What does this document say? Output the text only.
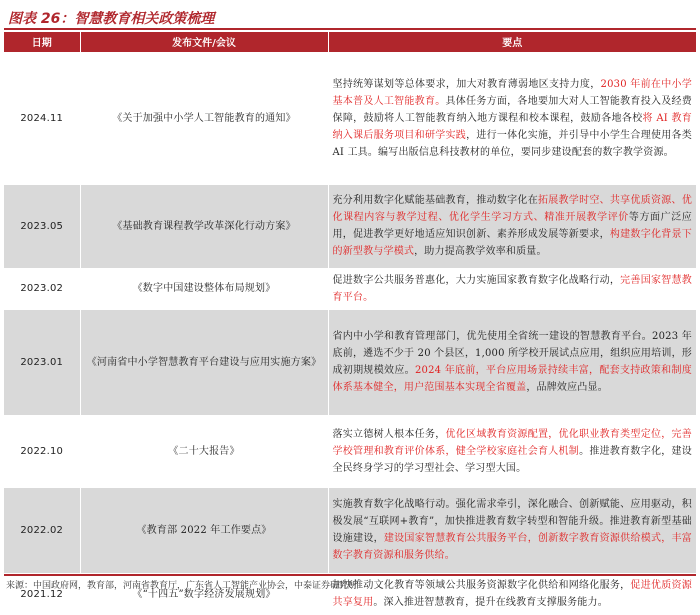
图表 26：智慧教育相关政策梳理
日期	发布文件/会议	要点
2024.11	《关于加强中小学人工智能教育的通知》	坚持统筹谋划等总体要求，加大对教育薄弱地区支持力度，2030 年前在中小学基本普及人工智能教育。具体任务方面，各地要加大对人工智能教育投入及经费保障，鼓励将人工智能教育纳入地方课程和校本课程，鼓励各地各校将 AI 教育纳入课后服务项目和研学实践，进行一体化实施，并引导中小学生合理使用各类 AI 工具。编写出版信息科技教材的单位，要同步建设配套的数字教学资源。
2023.05	《基础教育课程教学改革深化行动方案》	充分利用数字化赋能基础教育，推动数字化在拓展教学时空、共享优质资源、优化课程内容与教学过程、优化学生学习方式、精准开展教学评价等方面广泛应用，促进教学更好地适应知识创新、素养形成发展等新要求，构建数字化背景下的新型教与学模式，助力提高教学效率和质量。
2023.02	《数字中国建设整体布局规划》	促进数字公共服务普惠化，大力实施国家教育数字化战略行动，完善国家智慧教育平台。
2023.01	《河南省中小学智慧教育平台建设与应用实施方案》	省内中小学和教育管理部门，优先使用全省统一建设的智慧教育平台。2023 年底前，遴选不少于 20 个县区，1,000 所学校开展试点应用，组织应用培训，形成初期规模效应。2024 年底前，平台应用场景持续丰富，配套支持政策和制度体系基本健全，用户范围基本实现全省覆盖，品牌效应凸显。
2022.10	《二十大报告》	落实立德树人根本任务，优化区域教育资源配置，优化职业教育类型定位，完善学校管理和教育评价体系，健全学校家庭社会育人机制。推进教育数字化，建设全民终身学习的学习型社会、学习型大国。
2022.02	《教育部 2022 年工作要点》	实施教育数字化战略行动。强化需求牵引，深化融合、创新赋能、应用驱动，积极发展“互联网+教育”，加快推进教育数字转型和智能升级。推进教育新型基础设施建设，建设国家智慧教育公共服务平台，创新数字教育资源供给模式，丰富数字教育资源和服务供给。
2021.12	《“十四五”数字经济发展规划》	加快推动文化教育等领域公共服务资源数字化供给和网络化服务，促进优质资源共享复用。深入推进智慧教育，提升在线教育支撑服务能力。
来源：中国政府网，教育部，河南省教育厅，广东省人工智能产业协会，中泰证券研究所
